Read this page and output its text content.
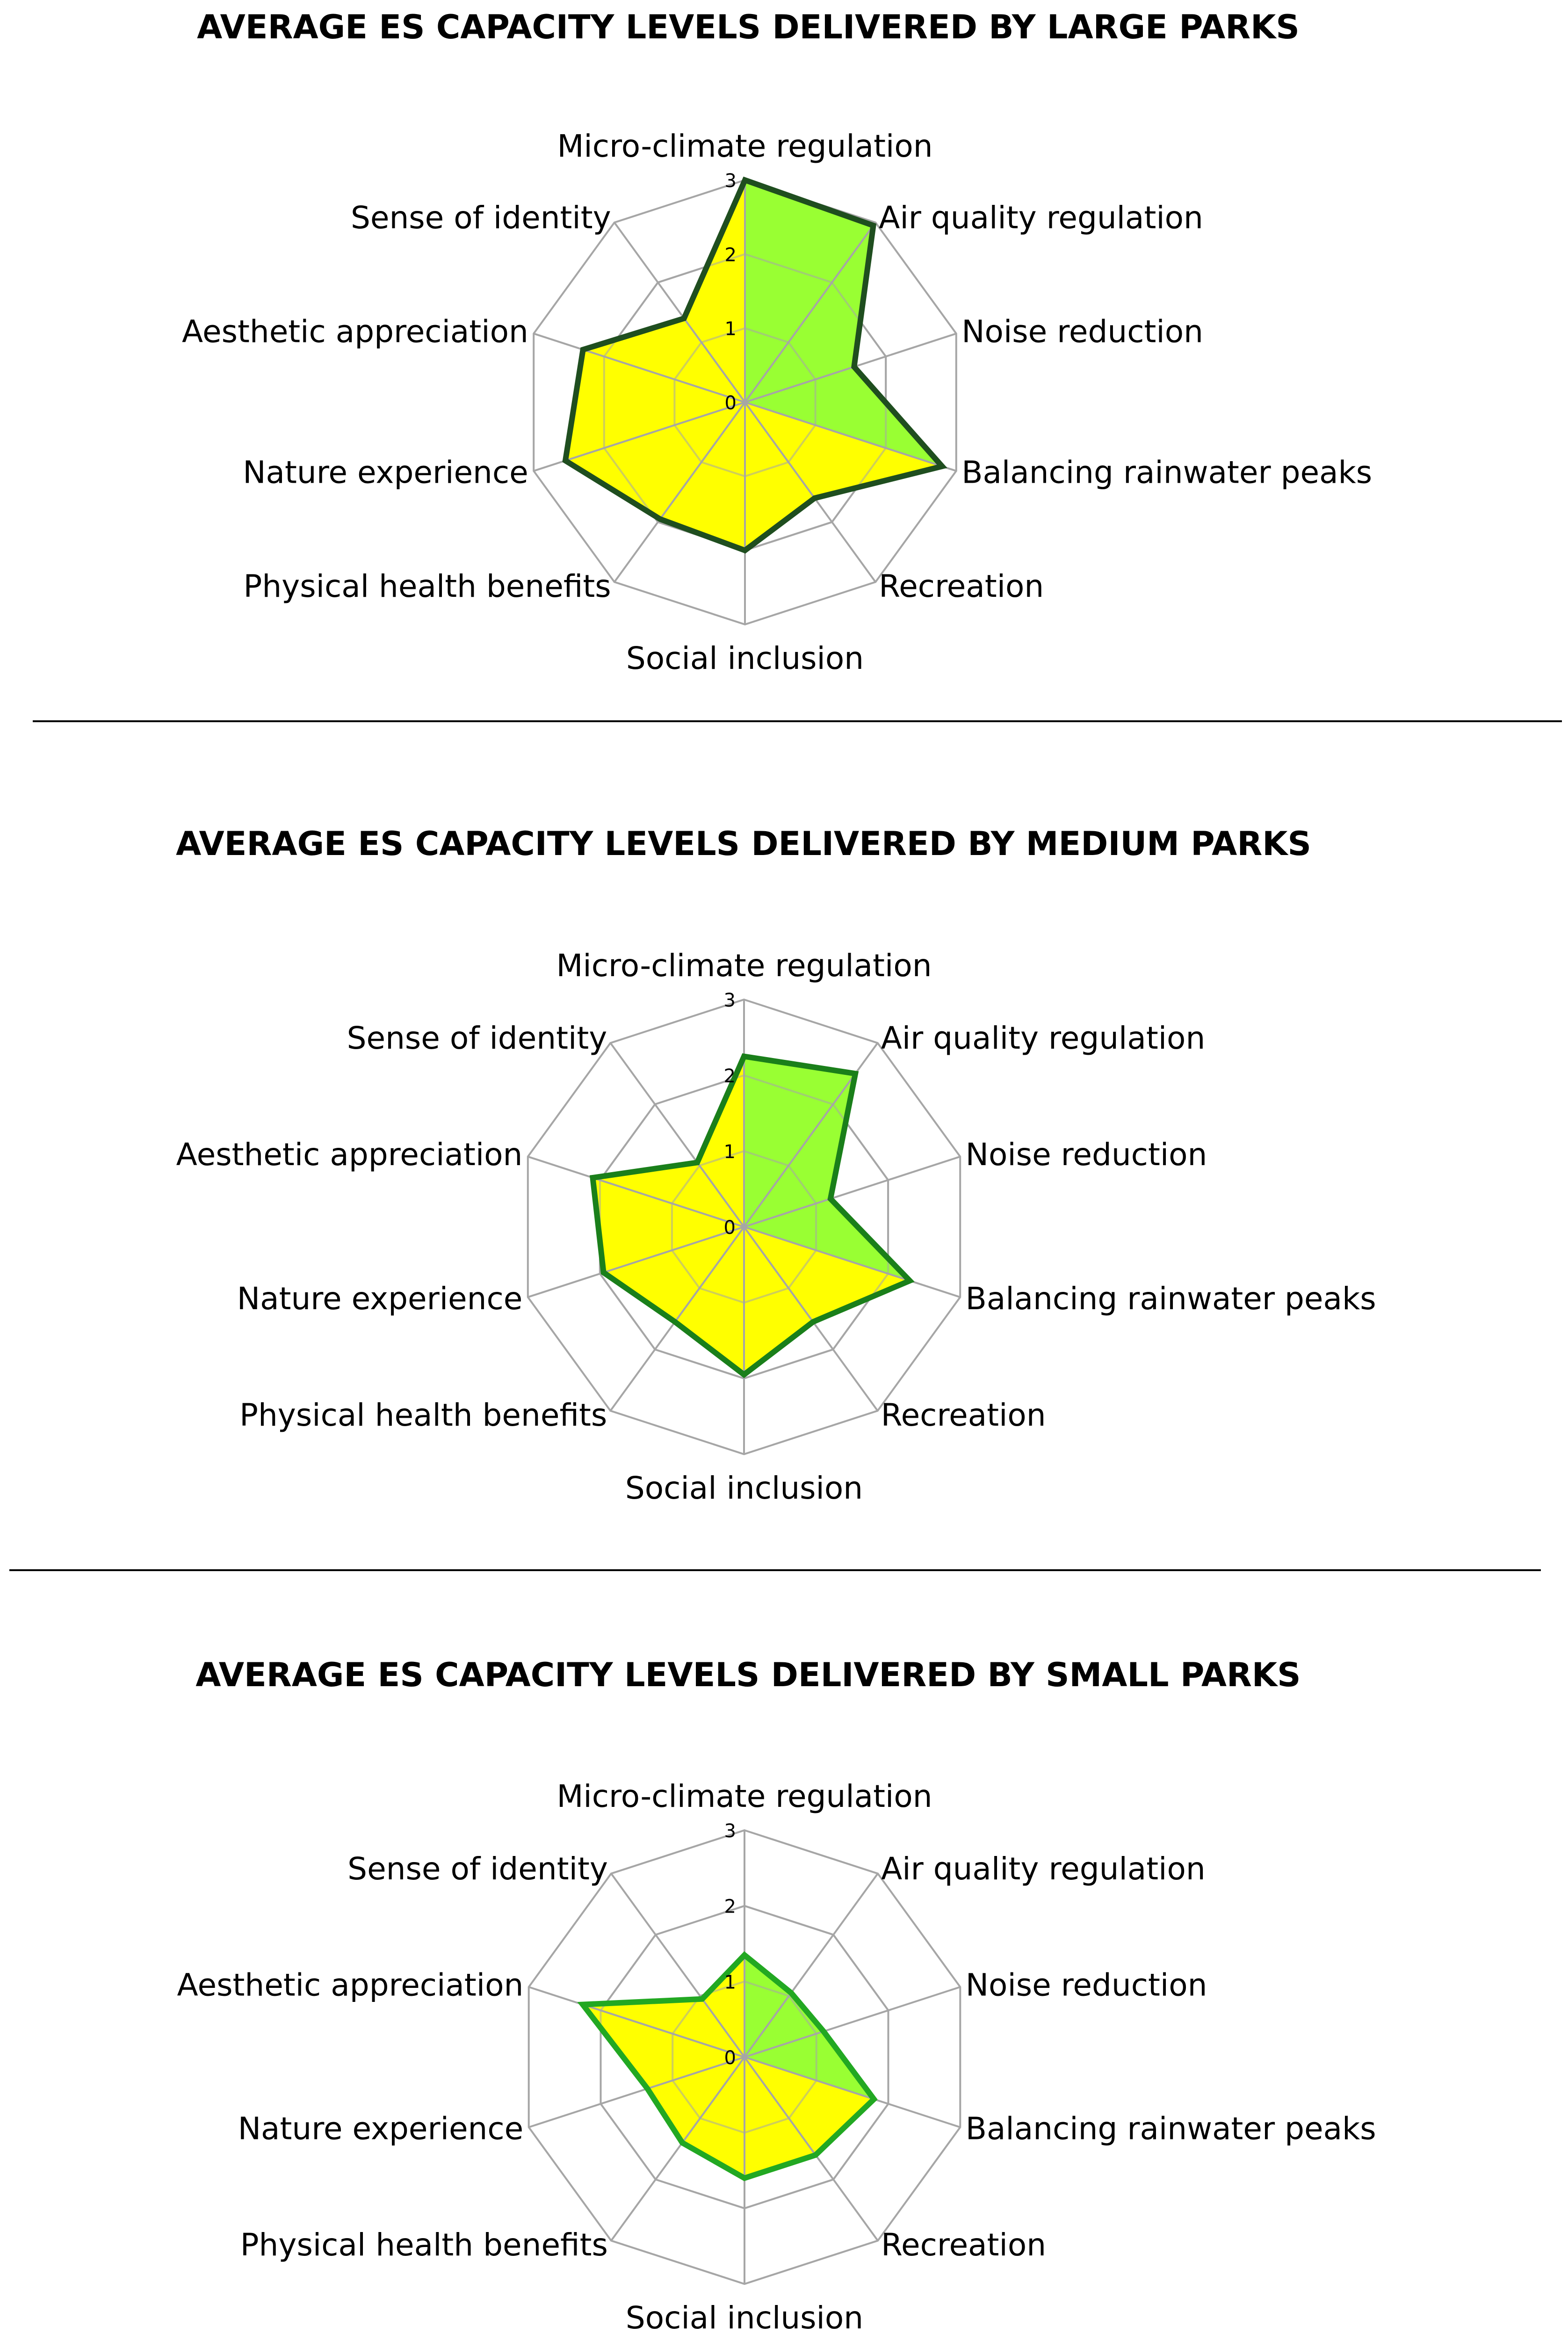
AVERAGE ES CAPACITY LEVELS DELIVERED BY LARGE PARKS
0
1
2
3
Micro-climate regulation
Air quality regulation
Noise reduction
Balancing rainwater peaks
Recreation
Social inclusion
Physical health benefits
Nature experience
Aesthetic appreciation
Sense of identity
AVERAGE ES CAPACITY LEVELS DELIVERED BY MEDIUM PARKS
0
1
2
3
Micro-climate regulation
Air quality regulation
Noise reduction
Balancing rainwater peaks
Recreation
Social inclusion
Physical health benefits
Nature experience
Aesthetic appreciation
Sense of identity
AVERAGE ES CAPACITY LEVELS DELIVERED BY SMALL PARKS
0
1
2
3
Micro-climate regulation
Air quality regulation
Noise reduction
Balancing rainwater peaks
Recreation
Social inclusion
Physical health benefits
Nature experience
Aesthetic appreciation
Sense of identity
